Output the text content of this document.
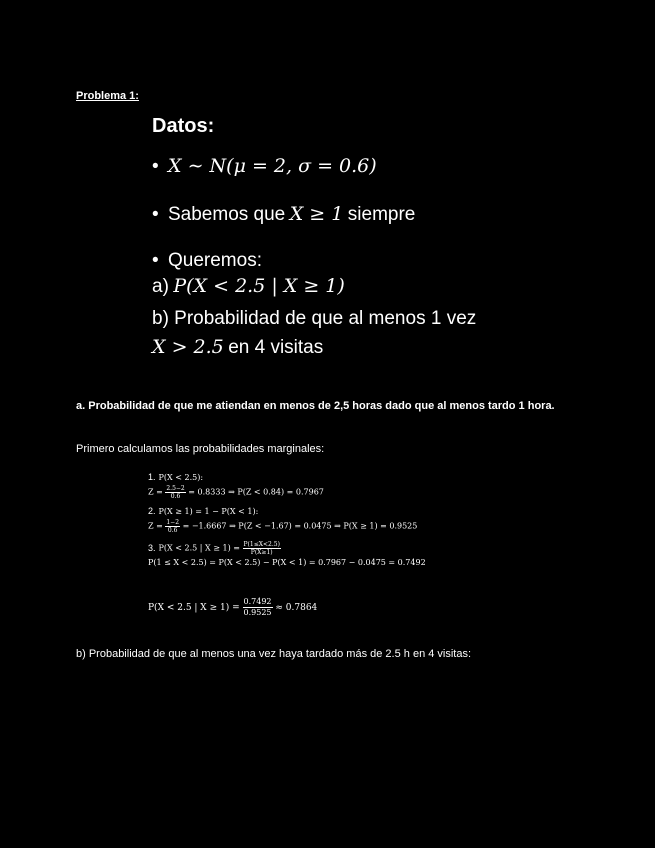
Problema 1:
Datos:
• X ∼ N(μ = 2, σ = 0.6)
• Sabemos que X ≥ 1 siempre
• Queremos:
a) P(X < 2.5 | X ≥ 1)
b) Probabilidad de que al menos 1 vez
X > 2.5 en 4 visitas
a. Probabilidad de que me atiendan en menos de 2,5 horas dado que al menos tardo 1 hora.
Primero calculamos las probabilidades marginales:
1. P(X < 2.5):
$Z = \frac{2.5-2}{0.6} = 0.8333$ ⇒ P(Z < 0.84) = 0.7967
2. P(X ≥ 1) = 1 − P(X < 1):
$Z = \frac{1-2}{0.6} = -1.6667$ ⇒ P(Z < −1.67) = 0.0475 ⇒ P(X ≥ 1) = 0.9525
3. P(X < 2.5 | $X \ge 1) = \frac{P(1\le X<2.5)}{P(X\ge 1)}$
P(1 ≤ X < 2.5) = P(X < 2.5) − P(X < 1) = 0.7967 − 0.0475 = 0.7492
P(X < 2.5 | $X \ge 1) = \frac{0.7492}{0.9525} \approx 0.7864$
b) Probabilidad de que al menos una vez haya tardado más de 2.5 h en 4 visitas:
